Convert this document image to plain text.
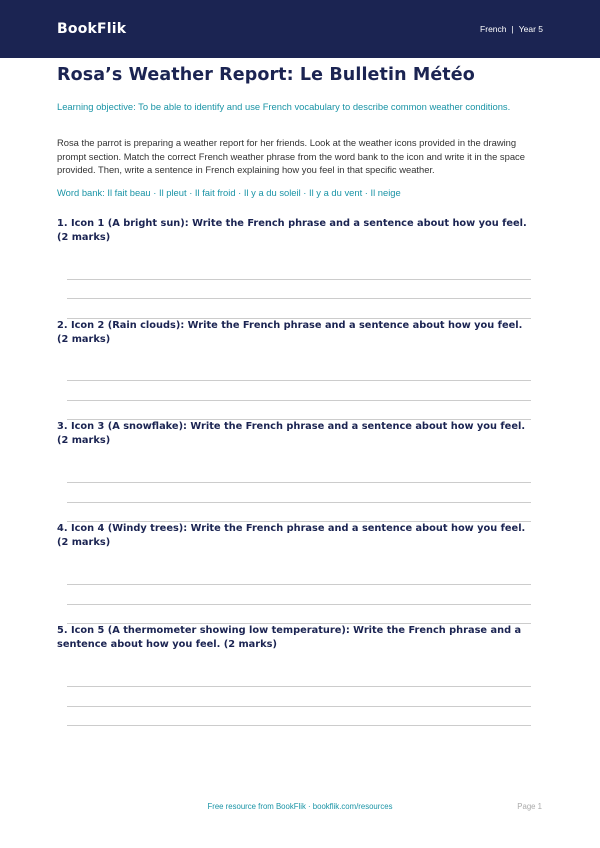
BookFlik	French | Year 5
Rosa’s Weather Report: Le Bulletin Météo

Learning objective: To be able to identify and use French vocabulary to describe common weather conditions.

Rosa the parrot is preparing a weather report for her friends. Look at the weather icons provided in the drawing prompt section. Match the correct French weather phrase from the word bank to the icon and write it in the space provided. Then, write a sentence in French explaining how you feel in that specific weather.

Word bank: Il fait beau · Il pleut · Il fait froid · Il y a du soleil · Il y a du vent · Il neige

1. Icon 1 (A bright sun): Write the French phrase and a sentence about how you feel. (2 marks)

2. Icon 2 (Rain clouds): Write the French phrase and a sentence about how you feel. (2 marks)

3. Icon 3 (A snowflake): Write the French phrase and a sentence about how you feel. (2 marks)

4. Icon 4 (Windy trees): Write the French phrase and a sentence about how you feel. (2 marks)

5. Icon 5 (A thermometer showing low temperature): Write the French phrase and a sentence about how you feel. (2 marks)

Free resource from BookFlik · bookflik.com/resources	Page 1
